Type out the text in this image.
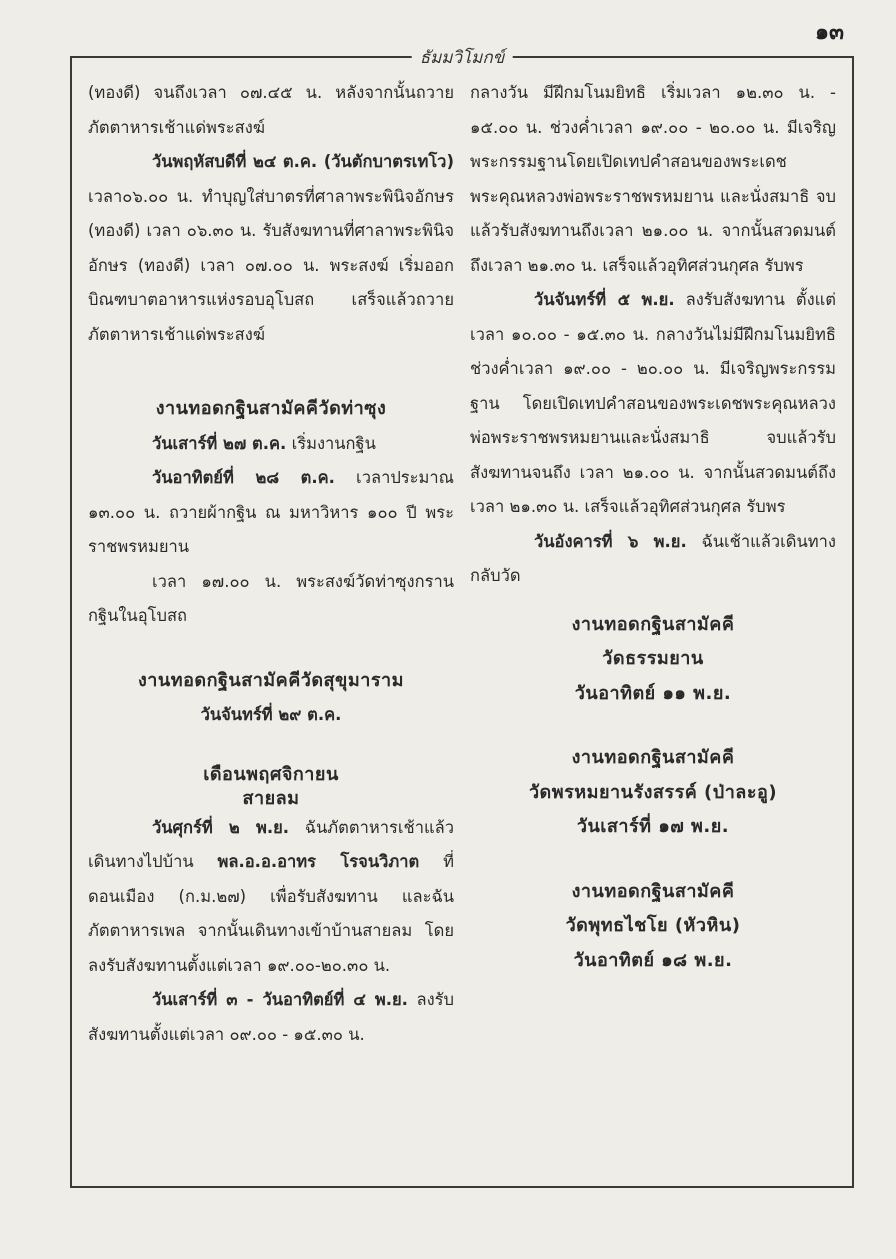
๑๓
ธัมมวิโมกข์

(ทองดี) จนถึงเวลา ๐๗.๔๕ น. หลังจากนั้นถวายภัตตาหารเช้าแด่พระสงฆ์

วันพฤหัสบดีที่ ๒๔ ต.ค. (วันตักบาตรเทโว) เวลา๐๖.๐๐ น. ทำบุญใส่บาตรที่ศาลาพระพินิจอักษร (ทองดี) เวลา ๐๖.๓๐ น. รับสังฆทานที่ศาลาพระพินิจอักษร (ทองดี) เวลา ๐๗.๐๐ น. พระสงฆ์ เริ่มออกบิณฑบาตอาหารแห่งรอบอุโบสถ เสร็จแล้วถวายภัตตาหารเช้าแด่พระสงฆ์

งานทอดกฐินสามัคคีวัดท่าซุง

วันเสาร์ที่ ๒๗ ต.ค. เริ่มงานกฐิน

วันอาทิตย์ที่ ๒๘ ต.ค. เวลาประมาณ ๑๓.๐๐ น. ถวายผ้ากฐิน ณ มหาวิหาร ๑๐๐ ปี พระราชพรหมยาน

เวลา ๑๗.๐๐ น. พระสงฆ์วัดท่าซุงกรานกฐินในอุโบสถ

งานทอดกฐินสามัคคีวัดสุขุมาราม
วันจันทร์ที่ ๒๙ ต.ค.
เดือนพฤศจิกายน
สายลม

วันศุกร์ที่ ๒ พ.ย. ฉันภัตตาหารเช้าแล้ว เดินทางไปบ้าน พล.อ.อ.อาทร โรจนวิภาต ที่ดอนเมือง (ก.ม.๒๗) เพื่อรับสังฆทาน และฉันภัตตาหารเพล จากนั้นเดินทางเข้าบ้านสายลม โดยลงรับสังฆทานตั้งแต่เวลา ๑๙.๐๐-๒๐.๓๐ น.

วันเสาร์ที่ ๓ - วันอาทิตย์ที่ ๔ พ.ย. ลงรับสังฆทานตั้งแต่เวลา ๐๙.๐๐ - ๑๕.๓๐ น.

กลางวัน มีฝึกมโนมยิทธิ เริ่มเวลา ๑๒.๓๐ น. - ๑๕.๐๐ น. ช่วงค่ำเวลา ๑๙.๐๐ - ๒๐.๐๐ น. มีเจริญพระกรรมฐานโดยเปิดเทปคำสอนของพระเดชพระคุณหลวงพ่อพระราชพรหมยาน และนั่งสมาธิ จบแล้วรับสังฆทานถึงเวลา ๒๑.๐๐ น. จากนั้นสวดมนต์ถึงเวลา ๒๑.๓๐ น. เสร็จแล้วอุทิศส่วนกุศล รับพร

วันจันทร์ที่ ๕ พ.ย. ลงรับสังฆทาน ตั้งแต่เวลา ๑๐.๐๐ - ๑๕.๓๐ น. กลางวันไม่มีฝึกมโนมยิทธิ ช่วงค่ำเวลา ๑๙.๐๐ - ๒๐.๐๐ น. มีเจริญพระกรรมฐาน โดยเปิดเทปคำสอนของพระเดชพระคุณหลวงพ่อพระราชพรหมยานและนั่งสมาธิ จบแล้วรับสังฆทานจนถึง เวลา ๒๑.๐๐ น. จากนั้นสวดมนต์ถึงเวลา ๒๑.๓๐ น. เสร็จแล้วอุทิศส่วนกุศล รับพร

วันอังคารที่ ๖ พ.ย. ฉันเช้าแล้วเดินทางกลับวัด

งานทอดกฐินสามัคคี
วัดธรรมยาน
วันอาทิตย์ ๑๑ พ.ย.
งานทอดกฐินสามัคคี
วัดพรหมยานรังสรรค์ (ป่าละอู)
วันเสาร์ที่ ๑๗ พ.ย.
งานทอดกฐินสามัคคี
วัดพุทธไชโย (หัวหิน)
วันอาทิตย์ ๑๘ พ.ย.
